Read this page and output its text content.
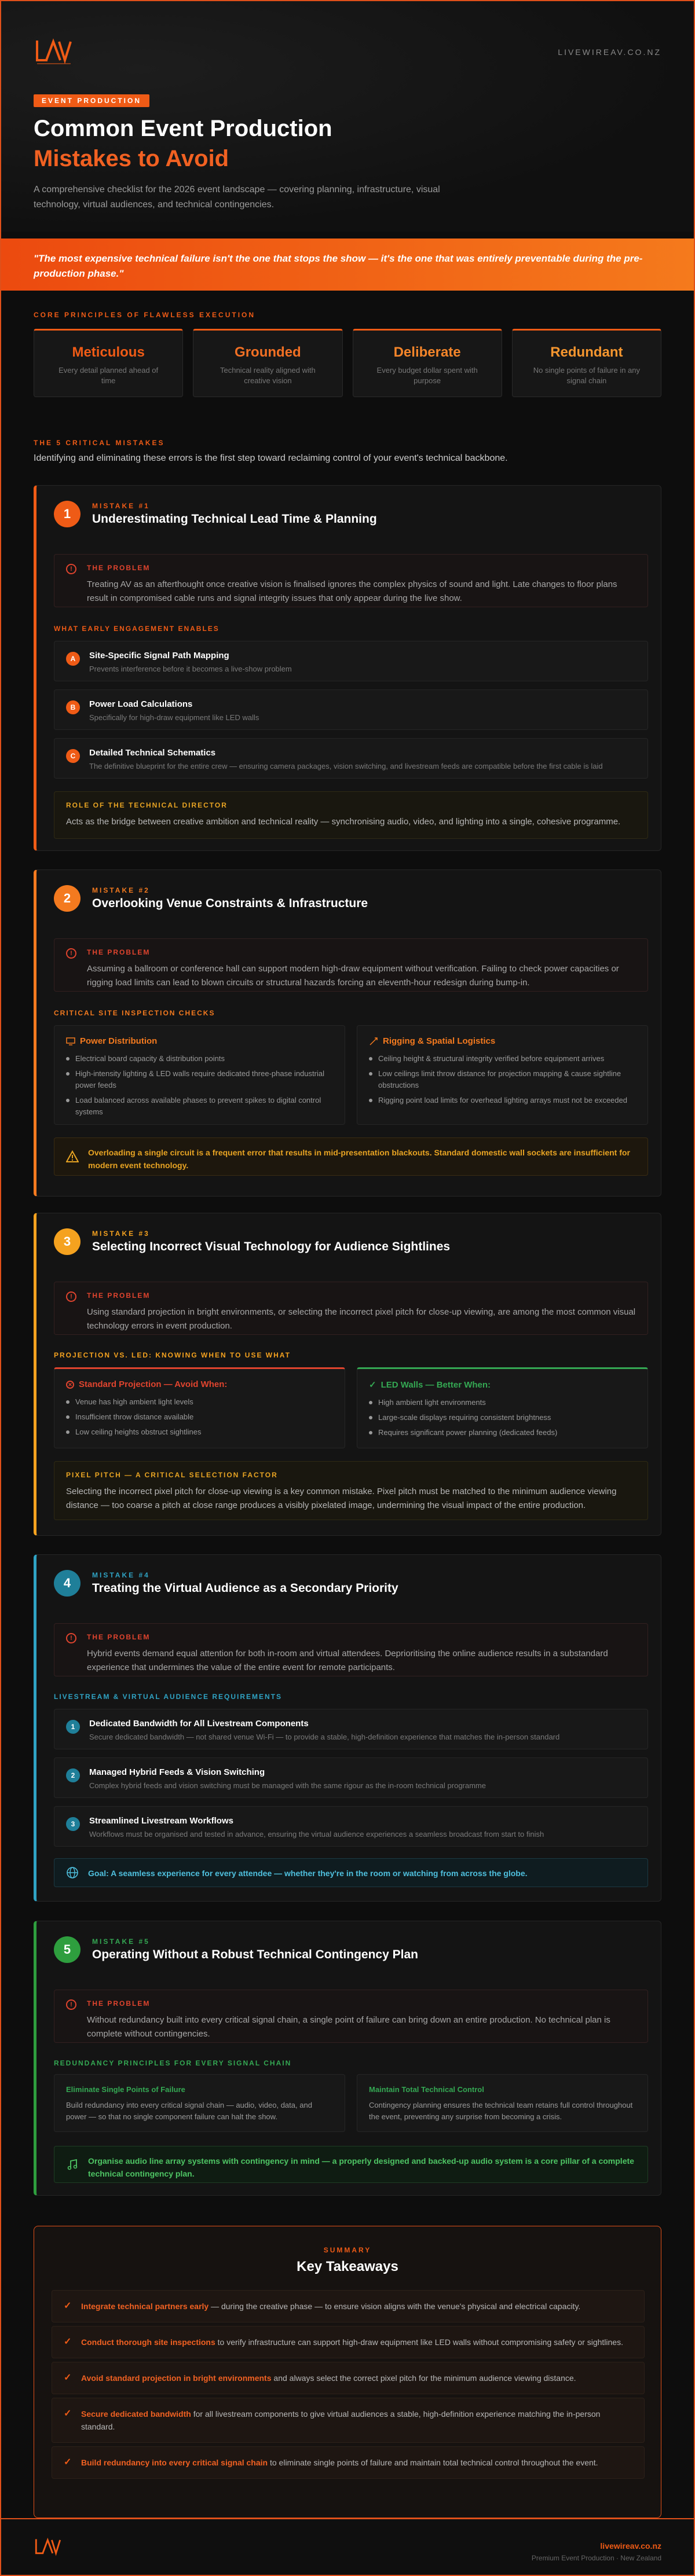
LIVEWIREAV.CO.NZ
EVENT PRODUCTION
Common Event Production
Mistakes to Avoid
A comprehensive checklist for the 2026 event landscape — covering planning, infrastructure, visual technology, virtual audiences, and technical contingencies.
"The most expensive technical failure isn't the one that stops the show — it's the one that was entirely preventable during the pre-production phase."
CORE PRINCIPLES OF FLAWLESS EXECUTION
Meticulous
Every detail planned ahead of time
Grounded
Technical reality aligned with creative vision
Deliberate
Every budget dollar spent with purpose
Redundant
No single points of failure in any signal chain
THE 5 CRITICAL MISTAKES
Identifying and eliminating these errors is the first step toward reclaiming control of your event's technical backbone.
1
MISTAKE #1
Underestimating Technical Lead Time & Planning
!	THE PROBLEM
Treating AV as an afterthought once creative vision is finalised ignores the complex physics of sound and light. Late changes to floor plans result in compromised cable runs and signal integrity issues that only appear during the live show.
WHAT EARLY ENGAGEMENT ENABLES
A	Site-Specific Signal Path Mapping
Prevents interference before it becomes a live-show problem
B	Power Load Calculations
Specifically for high-draw equipment like LED walls
C	Detailed Technical Schematics
The definitive blueprint for the entire crew — ensuring camera packages, vision switching, and livestream feeds are compatible before the first cable is laid
ROLE OF THE TECHNICAL DIRECTOR
Acts as the bridge between creative ambition and technical reality — synchronising audio, video, and lighting into a single, cohesive programme.
2
MISTAKE #2
Overlooking Venue Constraints & Infrastructure
!	THE PROBLEM
Assuming a ballroom or conference hall can support modern high-draw equipment without verification. Failing to check power capacities or rigging load limits can lead to blown circuits or structural hazards forcing an eleventh-hour redesign during bump-in.
CRITICAL SITE INSPECTION CHECKS
Power Distribution
Electrical board capacity & distribution points
High-intensity lighting & LED walls require dedicated three-phase industrial power feeds
Load balanced across available phases to prevent spikes to digital control systems
Rigging & Spatial Logistics
Ceiling height & structural integrity verified before equipment arrives
Low ceilings limit throw distance for projection mapping & cause sightline obstructions
Rigging point load limits for overhead lighting arrays must not be exceeded
Overloading a single circuit is a frequent error that results in mid-presentation blackouts. Standard domestic wall sockets are insufficient for modern event technology.
3
MISTAKE #3
Selecting Incorrect Visual Technology for Audience Sightlines
!	THE PROBLEM
Using standard projection in bright environments, or selecting the incorrect pixel pitch for close-up viewing, are among the most common visual technology errors in event production.
PROJECTION VS. LED: KNOWING WHEN TO USE WHAT
✕ Standard Projection — Avoid When:
Venue has high ambient light levels
Insufficient throw distance available
Low ceiling heights obstruct sightlines
✓ LED Walls — Better When:
High ambient light environments
Large-scale displays requiring consistent brightness
Requires significant power planning (dedicated feeds)
PIXEL PITCH — A CRITICAL SELECTION FACTOR
Selecting the incorrect pixel pitch for close-up viewing is a key common mistake. Pixel pitch must be matched to the minimum audience viewing distance — too coarse a pitch at close range produces a visibly pixelated image, undermining the visual impact of the entire production.
4
MISTAKE #4
Treating the Virtual Audience as a Secondary Priority
!	THE PROBLEM
Hybrid events demand equal attention for both in-room and virtual attendees. Deprioritising the online audience results in a substandard experience that undermines the value of the entire event for remote participants.
LIVESTREAM & VIRTUAL AUDIENCE REQUIREMENTS
1	Dedicated Bandwidth for All Livestream Components
Secure dedicated bandwidth — not shared venue Wi-Fi — to provide a stable, high-definition experience that matches the in-person standard
2	Managed Hybrid Feeds & Vision Switching
Complex hybrid feeds and vision switching must be managed with the same rigour as the in-room technical programme
3	Streamlined Livestream Workflows
Workflows must be organised and tested in advance, ensuring the virtual audience experiences a seamless broadcast from start to finish
Goal: A seamless experience for every attendee — whether they're in the room or watching from across the globe.
5
MISTAKE #5
Operating Without a Robust Technical Contingency Plan
!	THE PROBLEM
Without redundancy built into every critical signal chain, a single point of failure can bring down an entire production. No technical plan is complete without contingencies.
REDUNDANCY PRINCIPLES FOR EVERY SIGNAL CHAIN
Eliminate Single Points of Failure
Build redundancy into every critical signal chain — audio, video, data, and power — so that no single component failure can halt the show.
Maintain Total Technical Control
Contingency planning ensures the technical team retains full control throughout the event, preventing any surprise from becoming a crisis.
Organise audio line array systems with contingency in mind — a properly designed and backed-up audio system is a core pillar of a complete technical contingency plan.
SUMMARY
Key Takeaways
✓ Integrate technical partners early — during the creative phase — to ensure vision aligns with the venue's physical and electrical capacity.
✓ Conduct thorough site inspections to verify infrastructure can support high-draw equipment like LED walls without compromising safety or sightlines.
✓ Avoid standard projection in bright environments and always select the correct pixel pitch for the minimum audience viewing distance.
✓ Secure dedicated bandwidth for all livestream components to give virtual audiences a stable, high-definition experience matching the in-person standard.
✓ Build redundancy into every critical signal chain to eliminate single points of failure and maintain total technical control throughout the event.
livewireav.co.nz
Premium Event Production · New Zealand
